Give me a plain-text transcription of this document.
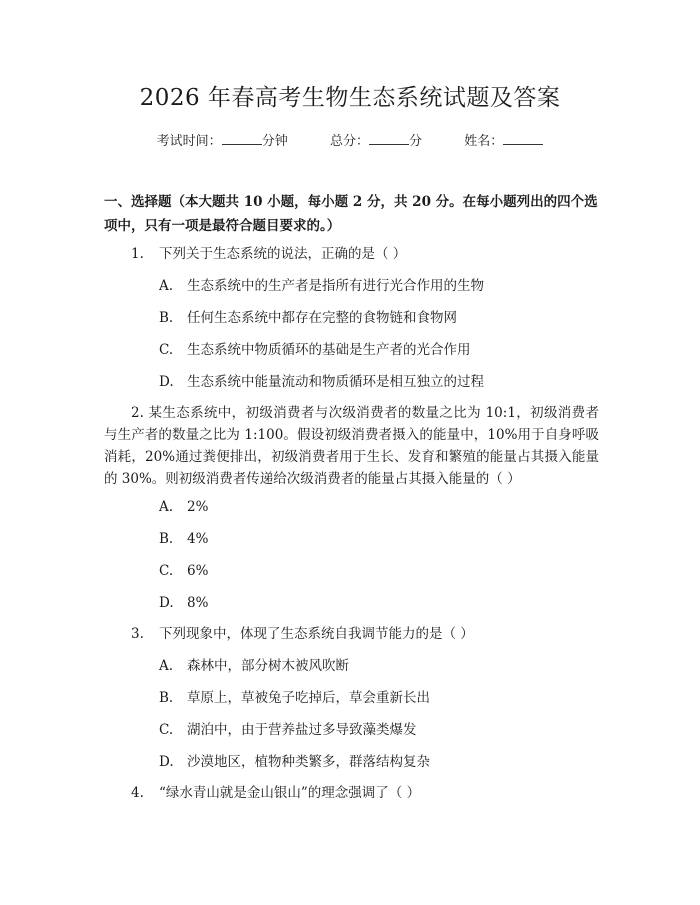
2026 年春高考生物生态系统试题及答案
考试时间：	分钟	总分：	分	姓名：
一、选择题（本大题共 10 小题，每小题 2 分，共 20 分。在每小题列出的四个选项中，只有一项是最符合题目要求的。）
1. 下列关于生态系统的说法，正确的是（ ）
A. 生态系统中的生产者是指所有进行光合作用的生物
B. 任何生态系统中都存在完整的食物链和食物网
C. 生态系统中物质循环的基础是生产者的光合作用
D. 生态系统中能量流动和物质循环是相互独立的过程
2. 某生态系统中，初级消费者与次级消费者的数量之比为 10:1，初级消费者与生产者的数量之比为 1:100。假设初级消费者摄入的能量中，10%用于自身呼吸消耗，20%通过粪便排出，初级消费者用于生长、发育和繁殖的能量占其摄入能量的 30%。则初级消费者传递给次级消费者的能量占其摄入能量的（ ）
A. 2%
B. 4%
C. 6%
D. 8%
3. 下列现象中，体现了生态系统自我调节能力的是（ ）
A. 森林中，部分树木被风吹断
B. 草原上，草被兔子吃掉后，草会重新长出
C. 湖泊中，由于营养盐过多导致藻类爆发
D. 沙漠地区，植物种类繁多，群落结构复杂
4. “绿水青山就是金山银山”的理念强调了（ ）
